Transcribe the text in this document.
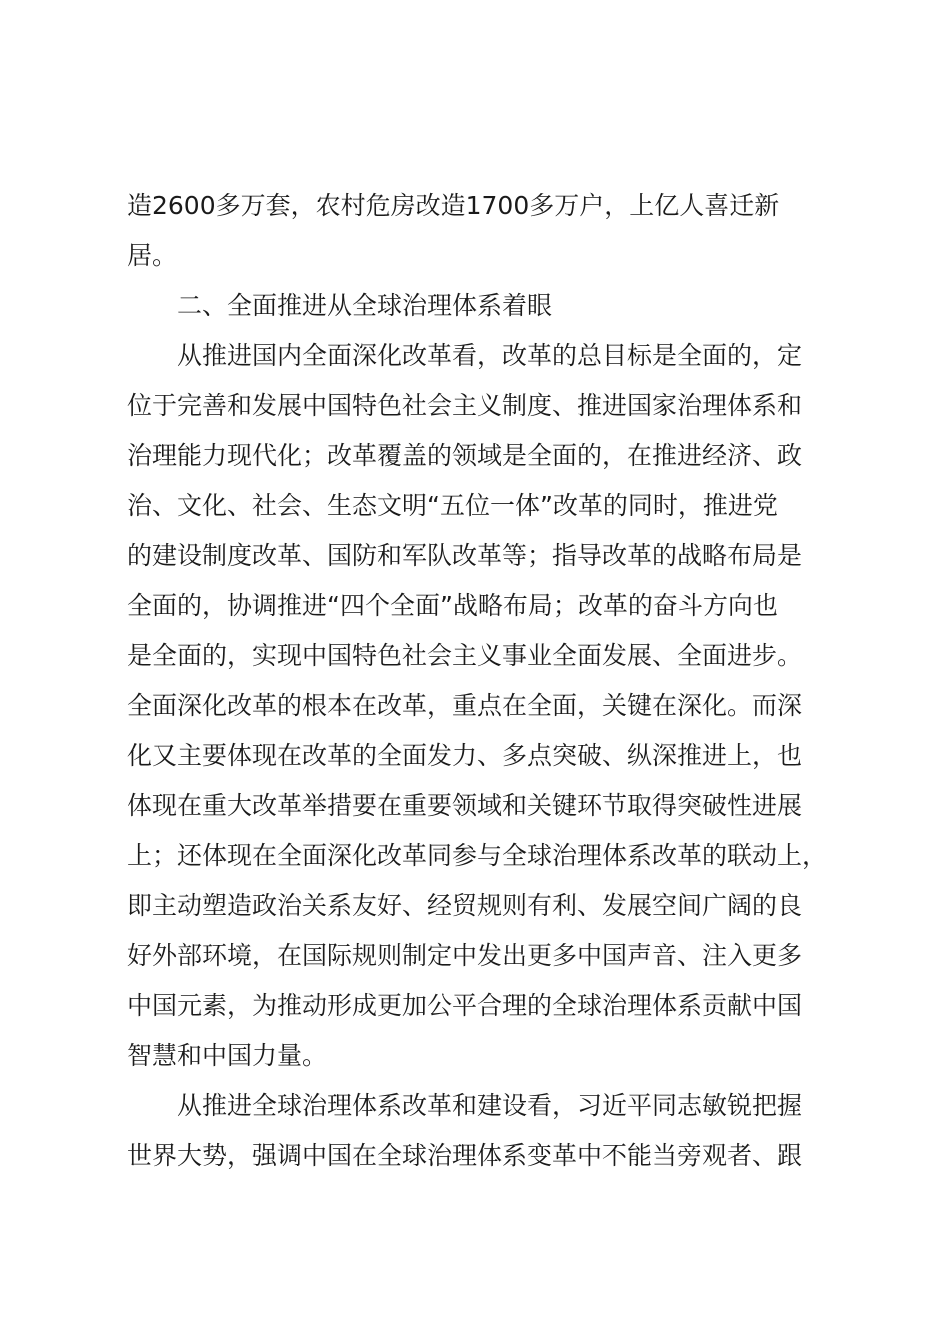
造2600多万套，农村危房改造1700多万户，上亿人喜迁新
居。
二、全面推进从全球治理体系着眼
从推进国内全面深化改革看，改革的总目标是全面的，定
位于完善和发展中国特色社会主义制度、推进国家治理体系和
治理能力现代化；改革覆盖的领域是全面的，在推进经济、政
治、文化、社会、生态文明“五位一体”改革的同时，推进党
的建设制度改革、国防和军队改革等；指导改革的战略布局是
全面的，协调推进“四个全面”战略布局；改革的奋斗方向也
是全面的，实现中国特色社会主义事业全面发展、全面进步。
全面深化改革的根本在改革，重点在全面，关键在深化。而深
化又主要体现在改革的全面发力、多点突破、纵深推进上，也
体现在重大改革举措要在重要领域和关键环节取得突破性进展
上；还体现在全面深化改革同参与全球治理体系改革的联动上，
即主动塑造政治关系友好、经贸规则有利、发展空间广阔的良
好外部环境，在国际规则制定中发出更多中国声音、注入更多
中国元素，为推动形成更加公平合理的全球治理体系贡献中国
智慧和中国力量。
从推进全球治理体系改革和建设看，习近平同志敏锐把握
世界大势，强调中国在全球治理体系变革中不能当旁观者、跟
